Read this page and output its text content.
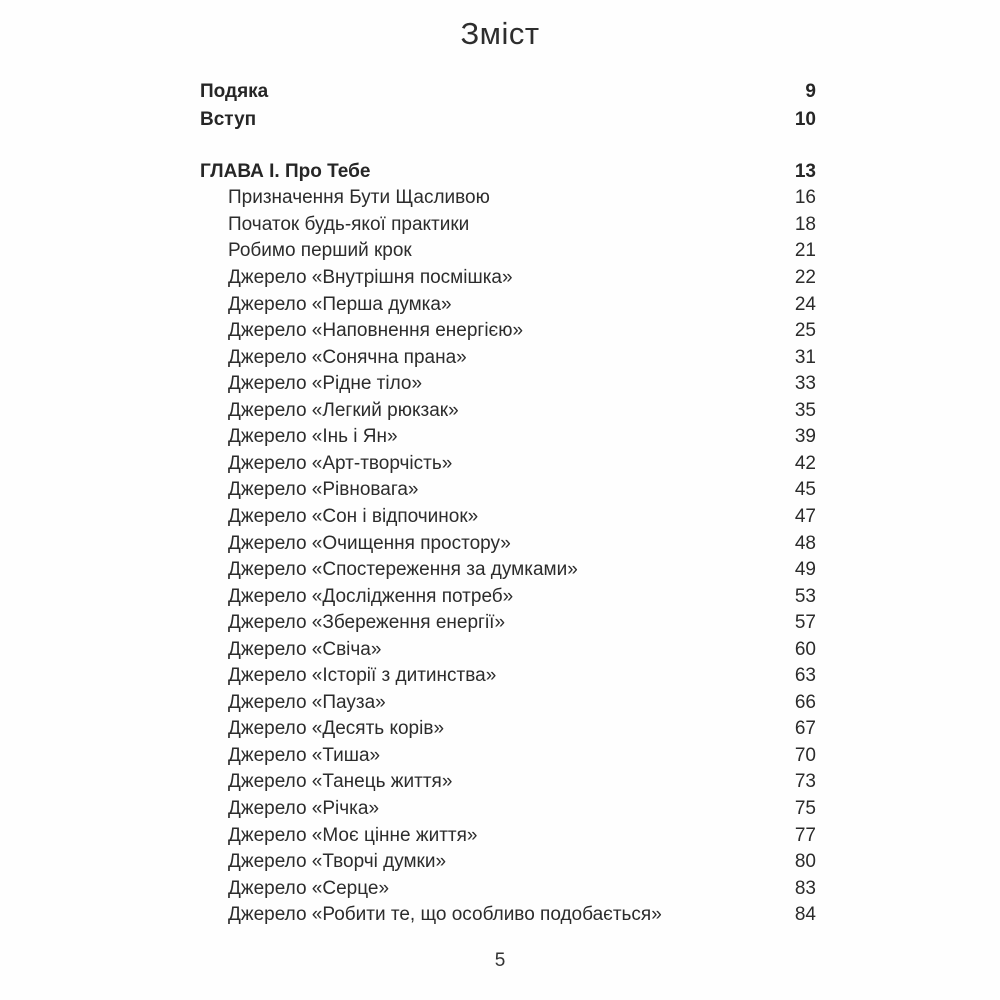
Зміст
Подяка	9
Вступ	10
ГЛАВА І. Про Тебе	13
Призначення Бути Щасливою	16
Початок будь-якої практики	18
Робимо перший крок	21
Джерело «Внутрішня посмішка»	22
Джерело «Перша думка»	24
Джерело «Наповнення енергією»	25
Джерело «Сонячна прана»	31
Джерело «Рідне тіло»	33
Джерело «Легкий рюкзак»	35
Джерело «Інь і Ян»	39
Джерело «Арт-творчість»	42
Джерело «Рівновага»	45
Джерело «Сон і відпочинок»	47
Джерело «Очищення простору»	48
Джерело «Спостереження за думками»	49
Джерело «Дослідження потреб»	53
Джерело «Збереження енергії»	57
Джерело «Свіча»	60
Джерело «Історії з дитинства»	63
Джерело «Пауза»	66
Джерело «Десять корів»	67
Джерело «Тиша»	70
Джерело «Танець життя»	73
Джерело «Річка»	75
Джерело «Моє цінне життя»	77
Джерело «Творчі думки»	80
Джерело «Серце»	83
Джерело «Робити те, що особливо подобається»	84
5
